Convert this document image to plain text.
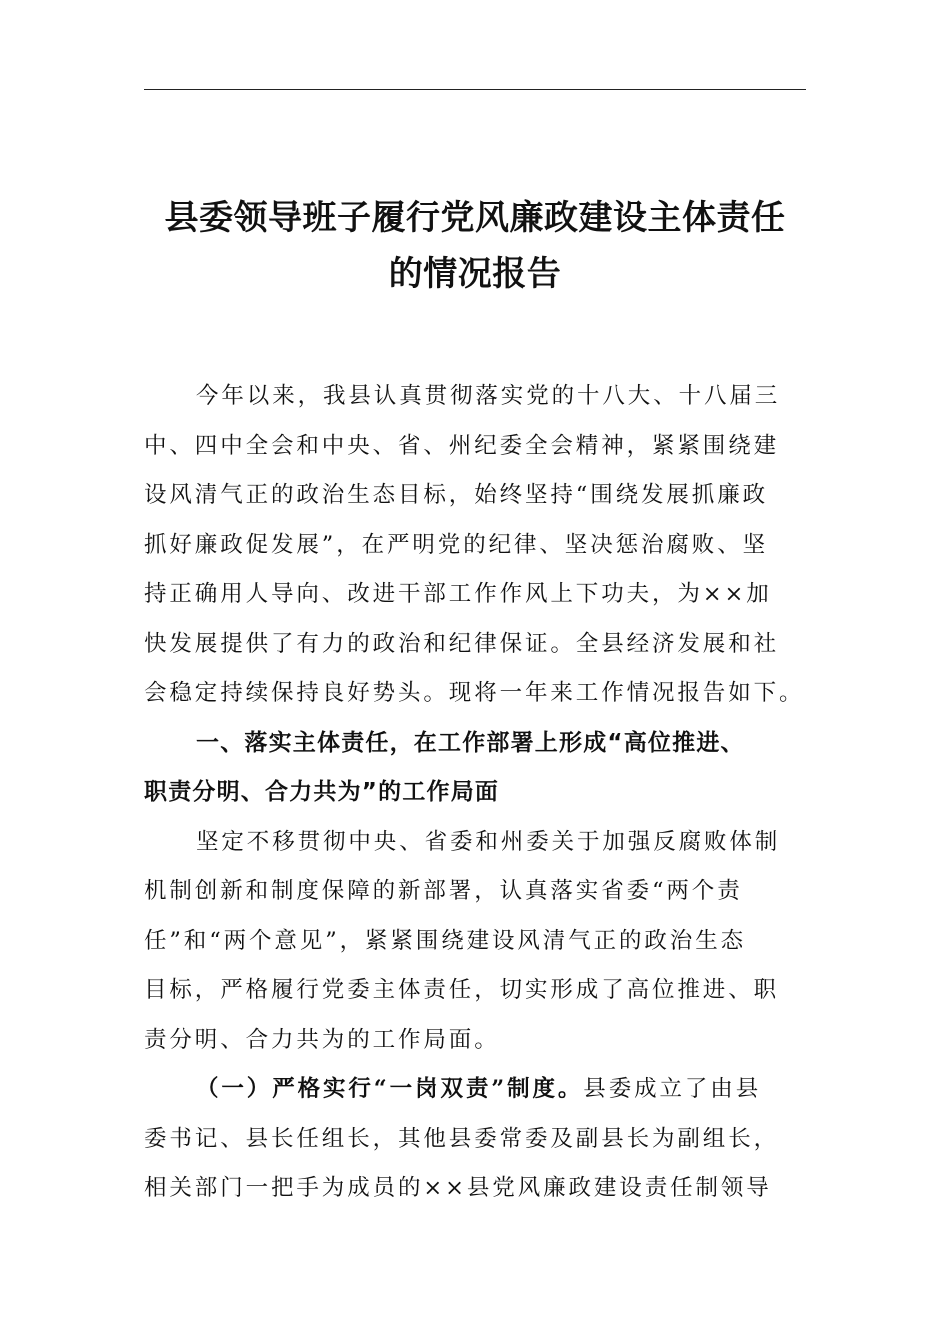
县委领导班子履行党风廉政建设主体责任
的情况报告
今年以来，我县认真贯彻落实党的十八大、十八届三
中、四中全会和中央、省、州纪委全会精神，紧紧围绕建
设风清气正的政治生态目标，始终坚持“围绕发展抓廉政
抓好廉政促发展”，在严明党的纪律、坚决惩治腐败、坚
持正确用人导向、改进干部工作作风上下功夫，为××加
快发展提供了有力的政治和纪律保证。全县经济发展和社
会稳定持续保持良好势头。现将一年来工作情况报告如下。
一、落实主体责任，在工作部署上形成“高位推进、
职责分明、合力共为”的工作局面
坚定不移贯彻中央、省委和州委关于加强反腐败体制
机制创新和制度保障的新部署，认真落实省委“两个责
任”和“两个意见”，紧紧围绕建设风清气正的政治生态
目标，严格履行党委主体责任，切实形成了高位推进、职
责分明、合力共为的工作局面。
（一）严格实行“一岗双责”制度。县委成立了由县
委书记、县长任组长，其他县委常委及副县长为副组长，
相关部门一把手为成员的××县党风廉政建设责任制领导
